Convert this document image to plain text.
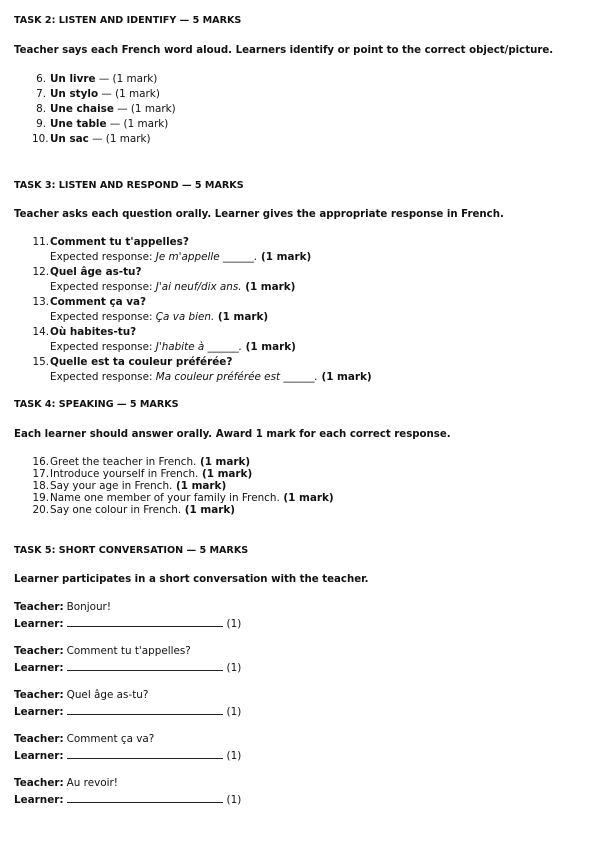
TASK 2: LISTEN AND IDENTIFY — 5 MARKS
Teacher says each French word aloud. Learners identify or point to the correct object/picture.
6. Un livre — (1 mark)
7. Un stylo — (1 mark)
8. Une chaise — (1 mark)
9. Une table — (1 mark)
10.Un sac — (1 mark)
TASK 3: LISTEN AND RESPOND — 5 MARKS
Teacher asks each question orally. Learner gives the appropriate response in French.
11.Comment tu t'appelles?
Expected response: Je m'appelle ______. (1 mark)
12.Quel âge as-tu?
Expected response: J'ai neuf/dix ans. (1 mark)
13.Comment ça va?
Expected response: Ça va bien. (1 mark)
14.Où habites-tu?
Expected response: J'habite à ______. (1 mark)
15.Quelle est ta couleur préférée?
Expected response: Ma couleur préférée est ______. (1 mark)
TASK 4: SPEAKING — 5 MARKS
Each learner should answer orally. Award 1 mark for each correct response.
16.Greet the teacher in French. (1 mark)
17.Introduce yourself in French. (1 mark)
18.Say your age in French. (1 mark)
19.Name one member of your family in French. (1 mark)
20.Say one colour in French. (1 mark)
TASK 5: SHORT CONVERSATION — 5 MARKS
Learner participates in a short conversation with the teacher.
Teacher: Bonjour!
Learner:	(1)
Teacher: Comment tu t'appelles?
Learner:	(1)
Teacher: Quel âge as-tu?
Learner:	(1)
Teacher: Comment ça va?
Learner:	(1)
Teacher: Au revoir!
Learner:	(1)
